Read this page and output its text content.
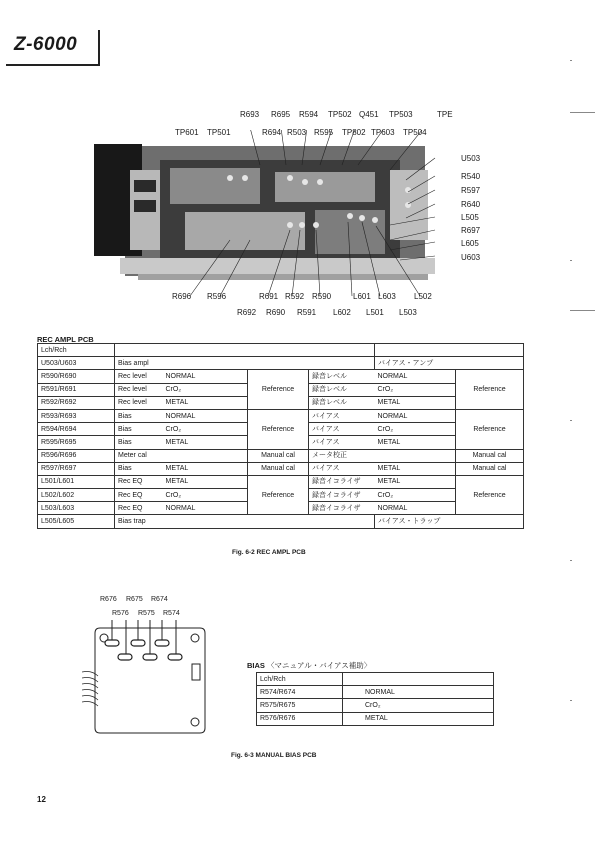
Z-6000
R693 R695 R594 TP502 Q451 TP503	TPE
TP601 TP501	R694 R503 R595 TP802 TP603 TP504
U503
R540
R597
R640
L505
R697
L605
U603
R696 R596	R691 R592 R590	L601 L603 L502
R692 R690 R591 L602 L501 L503
REC AMPL PCB
Lch/Rch						
U503/U603	Bias ampl				バイアス・アンプ	
R590/R690	Rec level	NORMAL	Reference	録音レベル	NORMAL	Reference
R591/R691	Rec level	CrO₂		録音レベル	CrO₂	
R592/R692	Rec level	METAL		録音レベル	METAL	
R593/R693	Bias	NORMAL	Reference	バイアス	NORMAL	Reference
R594/R694	Bias	CrO₂		バイアス	CrO₂	
R595/R695	Bias	METAL		バイアス	METAL	
R596/R696	Meter cal		Manual cal	メータ校正		Manual cal
R597/R697	Bias	METAL	Manual cal	バイアス	METAL	Manual cal
L501/L601	Rec EQ	METAL	Reference	録音イコライザ	METAL	Reference
L502/L602	Rec EQ	CrO₂		録音イコライザ	CrO₂	
L503/L603	Rec EQ	NORMAL		録音イコライザ	NORMAL	
L505/L605	Bias trap				バイアス・トラップ	
Fig. 6-2 REC AMPL PCB
R676 R675 R674
R576 R575 R574
BIAS 〈マニュアル・バイアス補助〉
Lch/Rch	
R574/R674	NORMAL
R575/R675	CrO₂
R576/R676	METAL
Fig. 6-3 MANUAL BIAS PCB
12
